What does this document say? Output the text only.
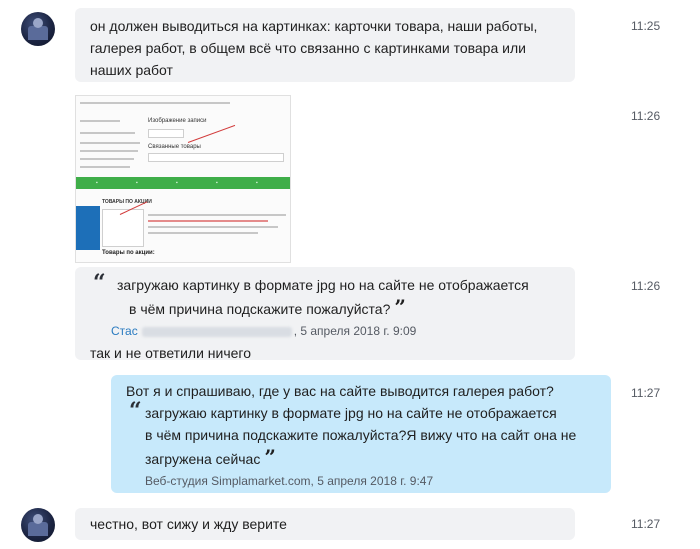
он должен выводиться на картинках: карточки товара, наши работы,
галерея работ, в общем всё что связанно с картинками товара или
наших работ
11:25
Изображение записи
Связанные товары
▪	▪	▪	▪	▪
ТОВАРЫ ПО АКЦИИ
Товары по акции:
11:26
“ загружаю картинку в формате jpg но на сайте не отображается
в чём причина подскажите пожалуйста? ”
Стас	, 5 апреля 2018 г. 9:09
так и не ответили ничего
11:26
Вот я и спрашиваю, где у вас на сайте выводится галерея работ?
“ загружаю картинку в формате jpg но на сайте не отображается
в чём причина подскажите пожалуйста?Я вижу что на сайт она не
загружена сейчас ”
Веб-студия Simplamarket.com, 5 апреля 2018 г. 9:47
11:27
честно, вот сижу и жду верите	11:27
